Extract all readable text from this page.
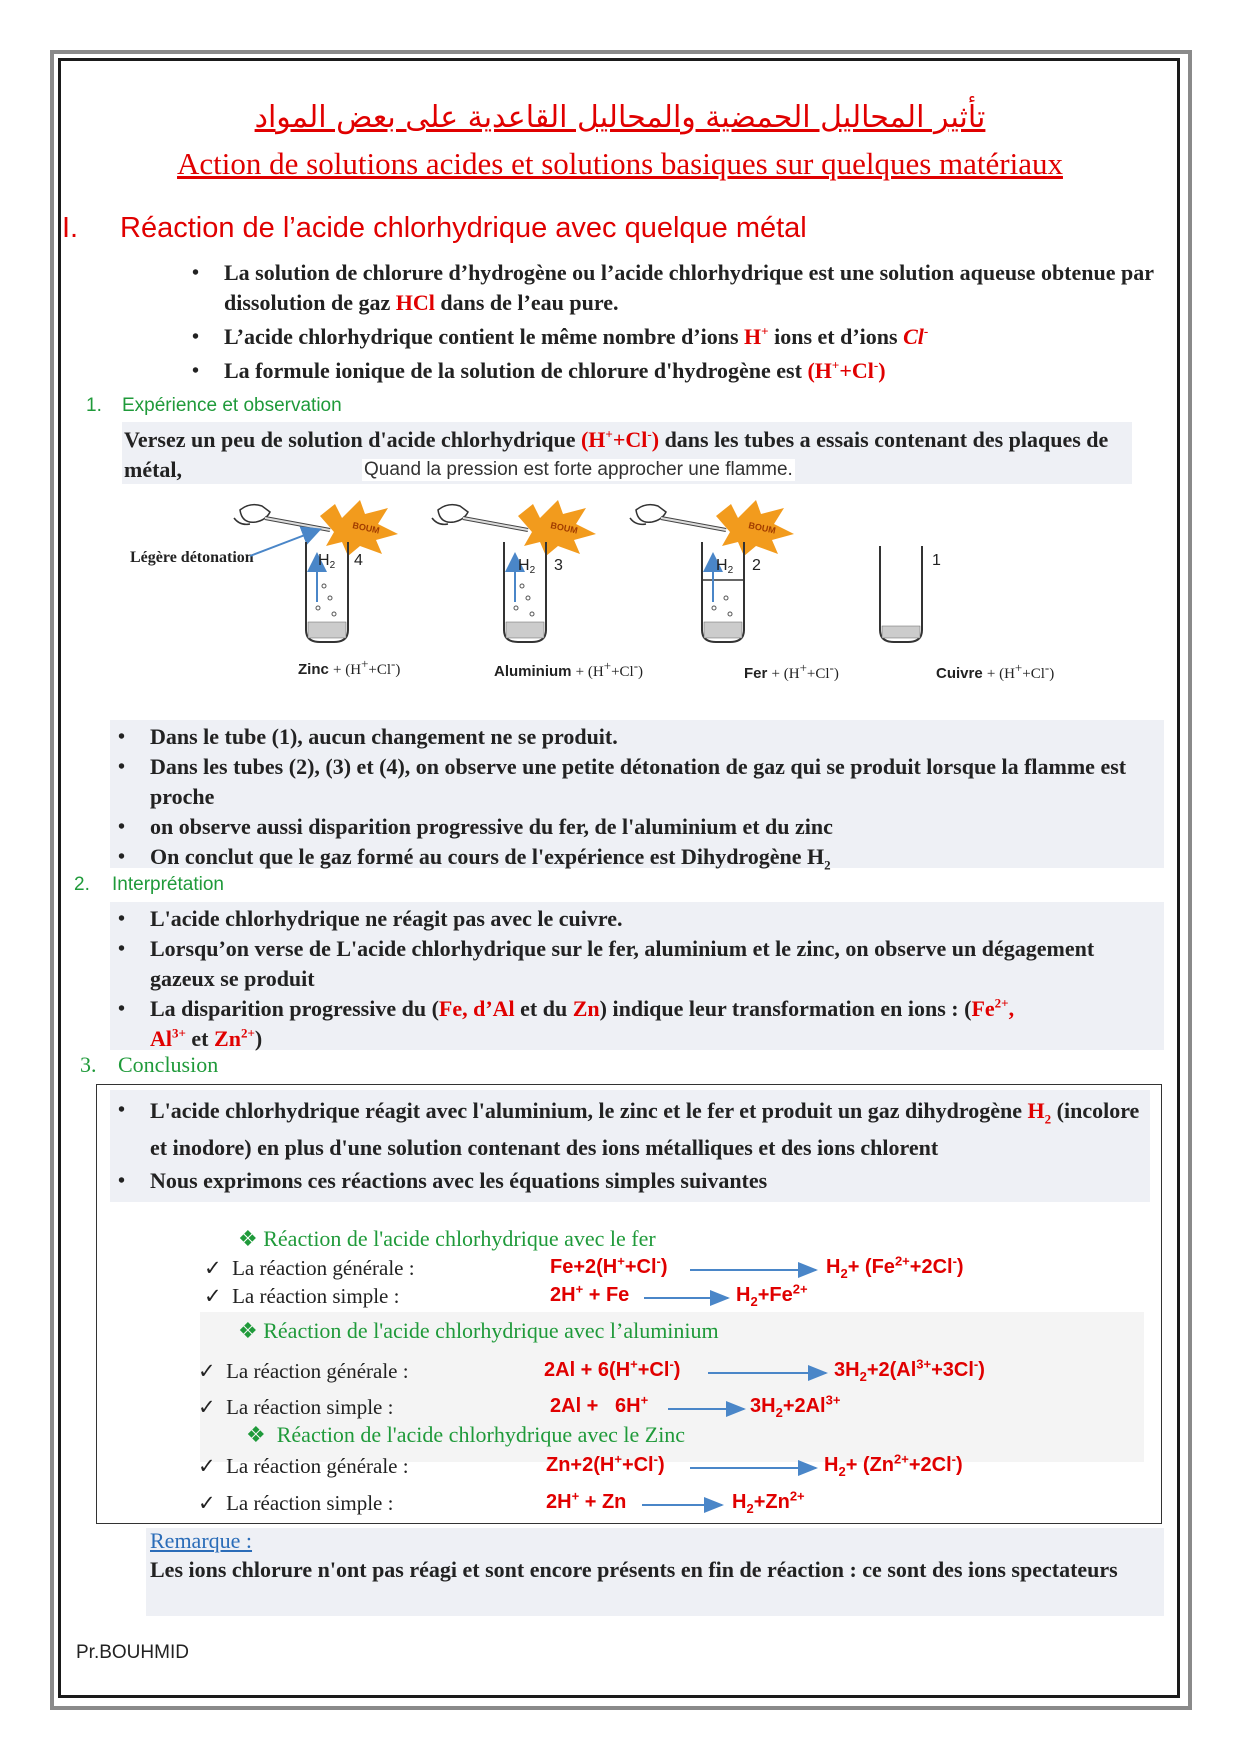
تأثير المحاليل الحمضية والمحاليل القاعدية على بعض المواد
Action de solutions acides et solutions basiques sur quelques matériaux
I. Réaction de l’acide chlorhydrique avec quelque métal
• La solution de chlorure d’hydrogène ou l’acide chlorhydrique est une solution aqueuse obtenue par dissolution de gaz HCl dans de l’eau pure.
• L’acide chlorhydrique contient le même nombre d’ions H+ ions et d’ions Cl-
• La formule ionique de la solution de chlorure d'hydrogène est (H++Cl-)
1. Expérience et observation
Versez un peu de solution d'acide chlorhydrique (H++Cl-) dans les tubes a essais contenant des plaques de métal,	Quand la pression est forte approcher une flamme.
BOUM	BOUM	BOUM
Légère détonation	H2 4	H2 3	H2 2	1
Zinc + (H++Cl-)	Aluminium + (H++Cl-)	Fer + (H++Cl-)	Cuivre + (H++Cl-)
• Dans le tube (1), aucun changement ne se produit.
• Dans les tubes (2), (3) et (4), on observe une petite détonation de gaz qui se produit lorsque la flamme est proche
• on observe aussi disparition progressive du fer, de l'aluminium et du zinc
• On conclut que le gaz formé au cours de l'expérience est Dihydrogène $H_2$
2. Interprétation
• L'acide chlorhydrique ne réagit pas avec le cuivre.
• Lorsqu’on verse de L'acide chlorhydrique sur le fer, aluminium et le zinc, on observe un dégagement gazeux se produit
• La disparition progressive du (Fe, d’Al et du Zn) indique leur transformation en ions : ($Fe^{2+}$,
$Al^{3+}$ et $Zn^{2+}$)
3. Conclusion
• L'acide chlorhydrique réagit avec l'aluminium, le zinc et le fer et produit un gaz dihydrogène $H_2$ (incolore et inodore) en plus d'une solution contenant des ions métalliques et des ions chlorent
• Nous exprimons ces réactions avec les équations simples suivantes
❖ Réaction de l'acide chlorhydrique avec le fer
✓ La réaction générale :	Fe+2(H++Cl-)	$H_2+ (Fe^{2+}+2Cl^-)$
✓ La réaction simple :	2H+ + Fe	$H_2+Fe^{2+}$
❖ Réaction de l'acide chlorhydrique avec l’aluminium
✓ La réaction générale :	2Al + 6(H++Cl-)	$3H_2+2(Al^{3+}+3Cl^-)$
✓ La réaction simple :	2Al +   6H+	$3H_2+2Al^{3+}$
❖ Réaction de l'acide chlorhydrique avec le Zinc
✓ La réaction générale :	Zn+2(H++Cl-)	$H_2+ (Zn^{2+}+2Cl^-)$
✓ La réaction simple :	2H+ + Zn	$H_2+Zn^{2+}$
Remarque :
Les ions chlorure n'ont pas réagi et sont encore présents en fin de réaction : ce sont des ions spectateurs
Pr.BOUHMID
